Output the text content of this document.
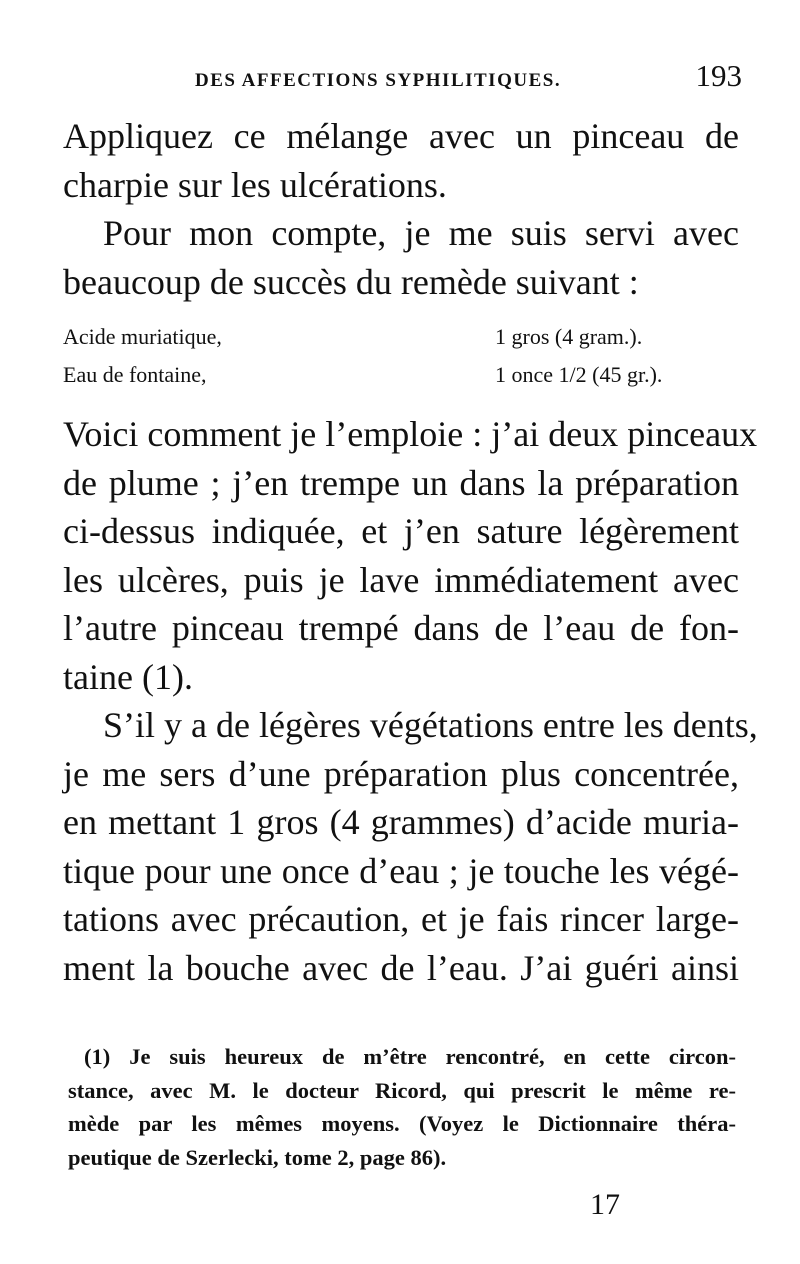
DES AFFECTIONS SYPHILITIQUES.	193
Appliquez ce mélange avec un pinceau de
charpie sur les ulcérations.
Pour mon compte, je me suis servi avec
beaucoup de succès du remède suivant :
Acide muriatique,	1 gros (4 gram.).
Eau de fontaine,	1 once 1/2 (45 gr.).
Voici comment je l’emploie : j’ai deux pinceaux
de plume ; j’en trempe un dans la préparation
ci-dessus indiquée, et j’en sature légèrement
les ulcères, puis je lave immédiatement avec
l’autre pinceau trempé dans de l’eau de fon-
taine (1).
S’il y a de légères végétations entre les dents,
je me sers d’une préparation plus concentrée,
en mettant 1 gros (4 grammes) d’acide muria-
tique pour une once d’eau ; je touche les végé-
tations avec précaution, et je fais rincer large-
ment la bouche avec de l’eau. J’ai guéri ainsi
(1) Je suis heureux de m’être rencontré, en cette circon-
stance, avec M. le docteur Ricord, qui prescrit le même re-
mède par les mêmes moyens. (Voyez le Dictionnaire théra-
peutique de Szerlecki, tome 2, page 86).
17
